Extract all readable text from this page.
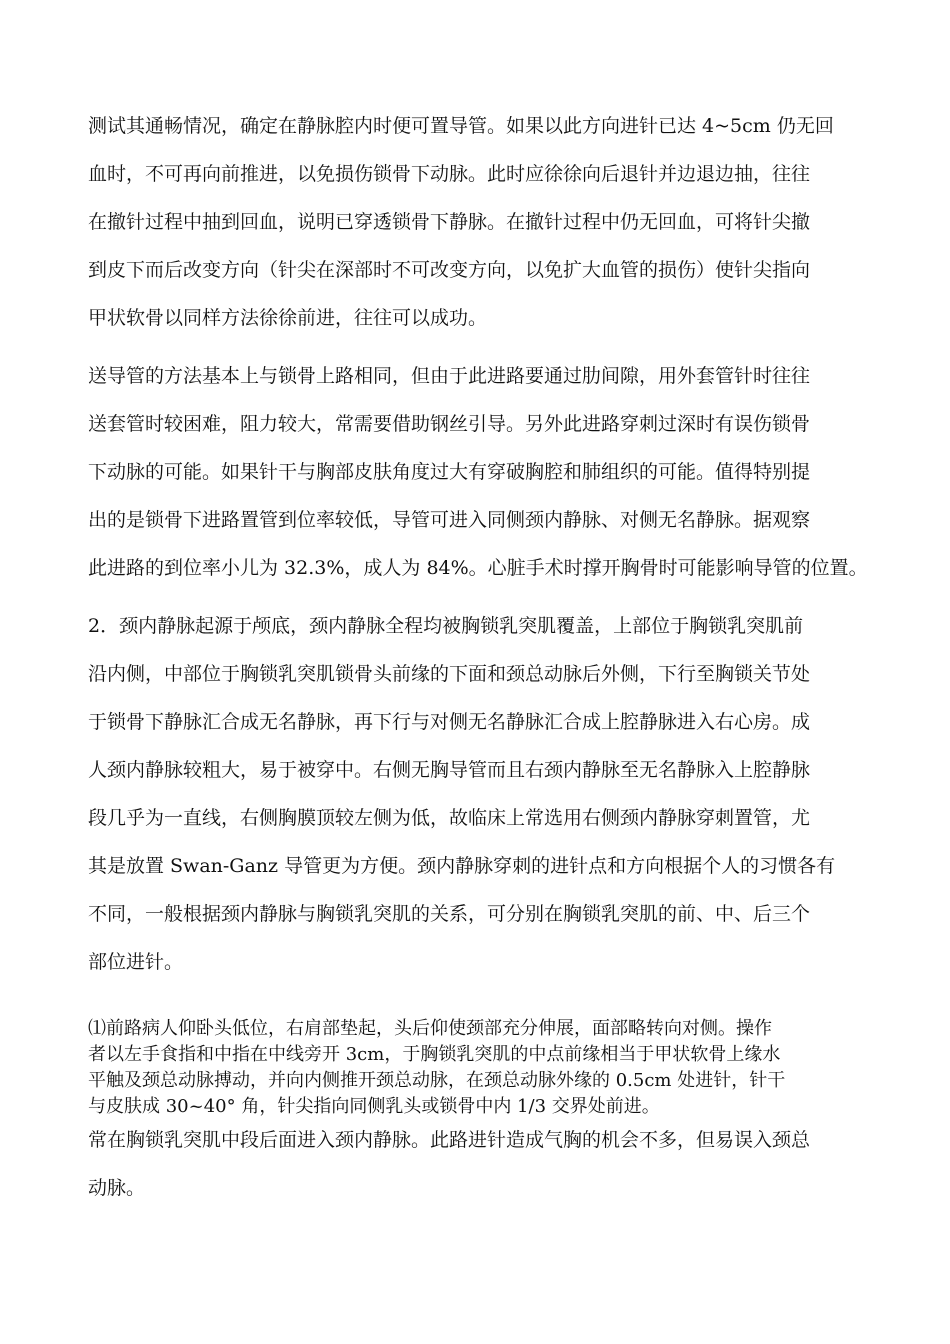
测试其通畅情况，确定在静脉腔内时便可置导管。如果以此方向进针已达 4~5cm 仍无回
血时，不可再向前推进，以免损伤锁骨下动脉。此时应徐徐向后退针并边退边抽，往往
在撤针过程中抽到回血，说明已穿透锁骨下静脉。在撤针过程中仍无回血，可将针尖撤
到皮下而后改变方向（针尖在深部时不可改变方向，以免扩大血管的损伤）使针尖指向
甲状软骨以同样方法徐徐前进，往往可以成功。
送导管的方法基本上与锁骨上路相同，但由于此进路要通过肋间隙，用外套管针时往往
送套管时较困难，阻力较大，常需要借助钢丝引导。另外此进路穿刺过深时有误伤锁骨
下动脉的可能。如果针干与胸部皮肤角度过大有穿破胸腔和肺组织的可能。值得特别提
出的是锁骨下进路置管到位率较低，导管可进入同侧颈内静脉、对侧无名静脉。据观察
此进路的到位率小儿为 32.3%，成人为 84%。心脏手术时撑开胸骨时可能影响导管的位置。
2．颈内静脉起源于颅底，颈内静脉全程均被胸锁乳突肌覆盖，上部位于胸锁乳突肌前
沿内侧，中部位于胸锁乳突肌锁骨头前缘的下面和颈总动脉后外侧，下行至胸锁关节处
于锁骨下静脉汇合成无名静脉，再下行与对侧无名静脉汇合成上腔静脉进入右心房。成
人颈内静脉较粗大，易于被穿中。右侧无胸导管而且右颈内静脉至无名静脉入上腔静脉
段几乎为一直线，右侧胸膜顶较左侧为低，故临床上常选用右侧颈内静脉穿刺置管，尤
其是放置 Swan-Ganz 导管更为方便。颈内静脉穿刺的进针点和方向根据个人的习惯各有
不同，一般根据颈内静脉与胸锁乳突肌的关系，可分别在胸锁乳突肌的前、中、后三个
部位进针。
⑴前路病人仰卧头低位，右肩部垫起，头后仰使颈部充分伸展，面部略转向对侧。操作
者以左手食指和中指在中线旁开 3cm，于胸锁乳突肌的中点前缘相当于甲状软骨上缘水
平触及颈总动脉搏动，并向内侧推开颈总动脉，在颈总动脉外缘的 0.5cm 处进针，针干
与皮肤成 30~40° 角，针尖指向同侧乳头或锁骨中内 1/3 交界处前进。
常在胸锁乳突肌中段后面进入颈内静脉。此路进针造成气胸的机会不多，但易误入颈总
动脉。
